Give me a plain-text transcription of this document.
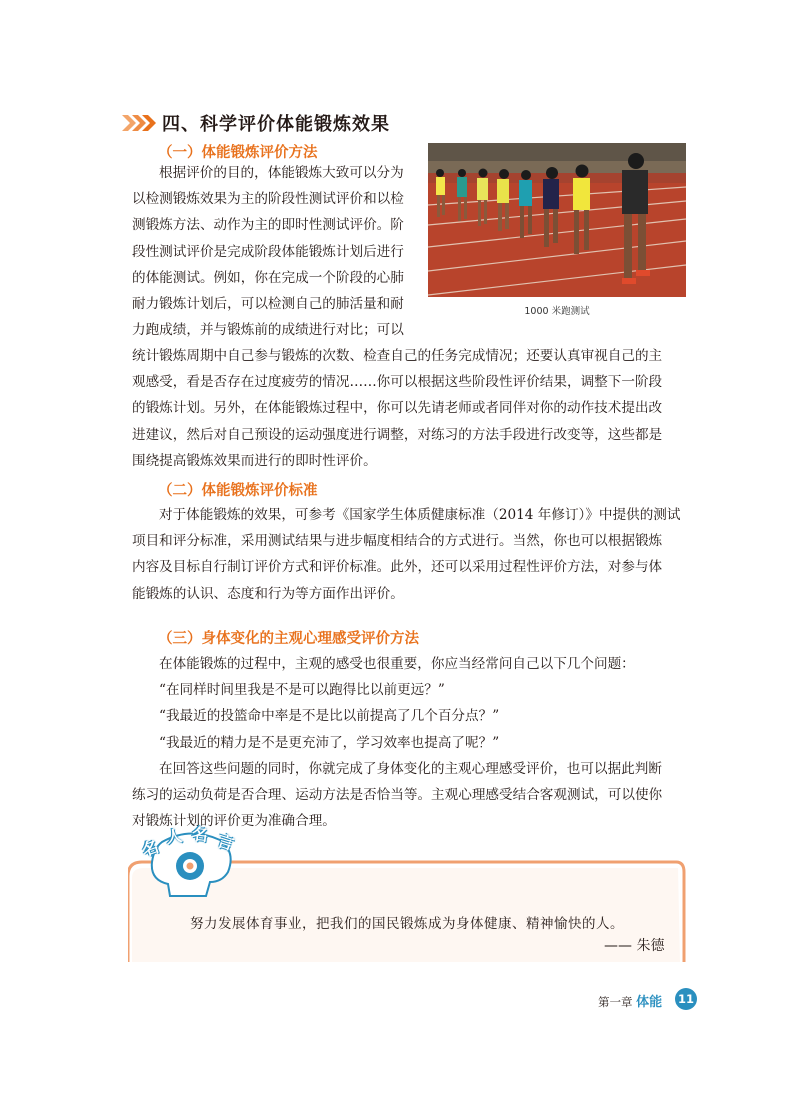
四、科学评价体能锻炼效果
（一）体能锻炼评价方法
根据评价的目的，体能锻炼大致可以分为
以检测锻炼效果为主的阶段性测试评价和以检
测锻炼方法、动作为主的即时性测试评价。阶
段性测试评价是完成阶段体能锻炼计划后进行
的体能测试。例如，你在完成一个阶段的心肺
耐力锻炼计划后，可以检测自己的肺活量和耐
力跑成绩，并与锻炼前的成绩进行对比；可以
统计锻炼周期中自己参与锻炼的次数、检查自己的任务完成情况；还要认真审视自己的主
观感受，看是否存在过度疲劳的情况……你可以根据这些阶段性评价结果，调整下一阶段
的锻炼计划。另外，在体能锻炼过程中，你可以先请老师或者同伴对你的动作技术提出改
进建议，然后对自己预设的运动强度进行调整，对练习的方法手段进行改变等，这些都是
围绕提高锻炼效果而进行的即时性评价。
1000 米跑测试
（二）体能锻炼评价标准
对于体能锻炼的效果，可参考《国家学生体质健康标准（2014 年修订）》中提供的测试
项目和评分标准，采用测试结果与进步幅度相结合的方式进行。当然，你也可以根据锻炼
内容及目标自行制订评价方式和评价标准。此外，还可以采用过程性评价方法，对参与体
能锻炼的认识、态度和行为等方面作出评价。
（三）身体变化的主观心理感受评价方法
在体能锻炼的过程中，主观的感受也很重要，你应当经常问自己以下几个问题：
“在同样时间里我是不是可以跑得比以前更远？”
“我最近的投篮命中率是不是比以前提高了几个百分点？”
“我最近的精力是不是更充沛了，学习效率也提高了呢？”
在回答这些问题的同时，你就完成了身体变化的主观心理感受评价，也可以据此判断
练习的运动负荷是否合理、运动方法是否恰当等。主观心理感受结合客观测试，可以使你
对锻炼计划的评价更为准确合理。
名
人 名 言
努力发展体育事业，把我们的国民锻炼成为身体健康、精神愉快的人。
—— 朱德
第一章 体能 11
